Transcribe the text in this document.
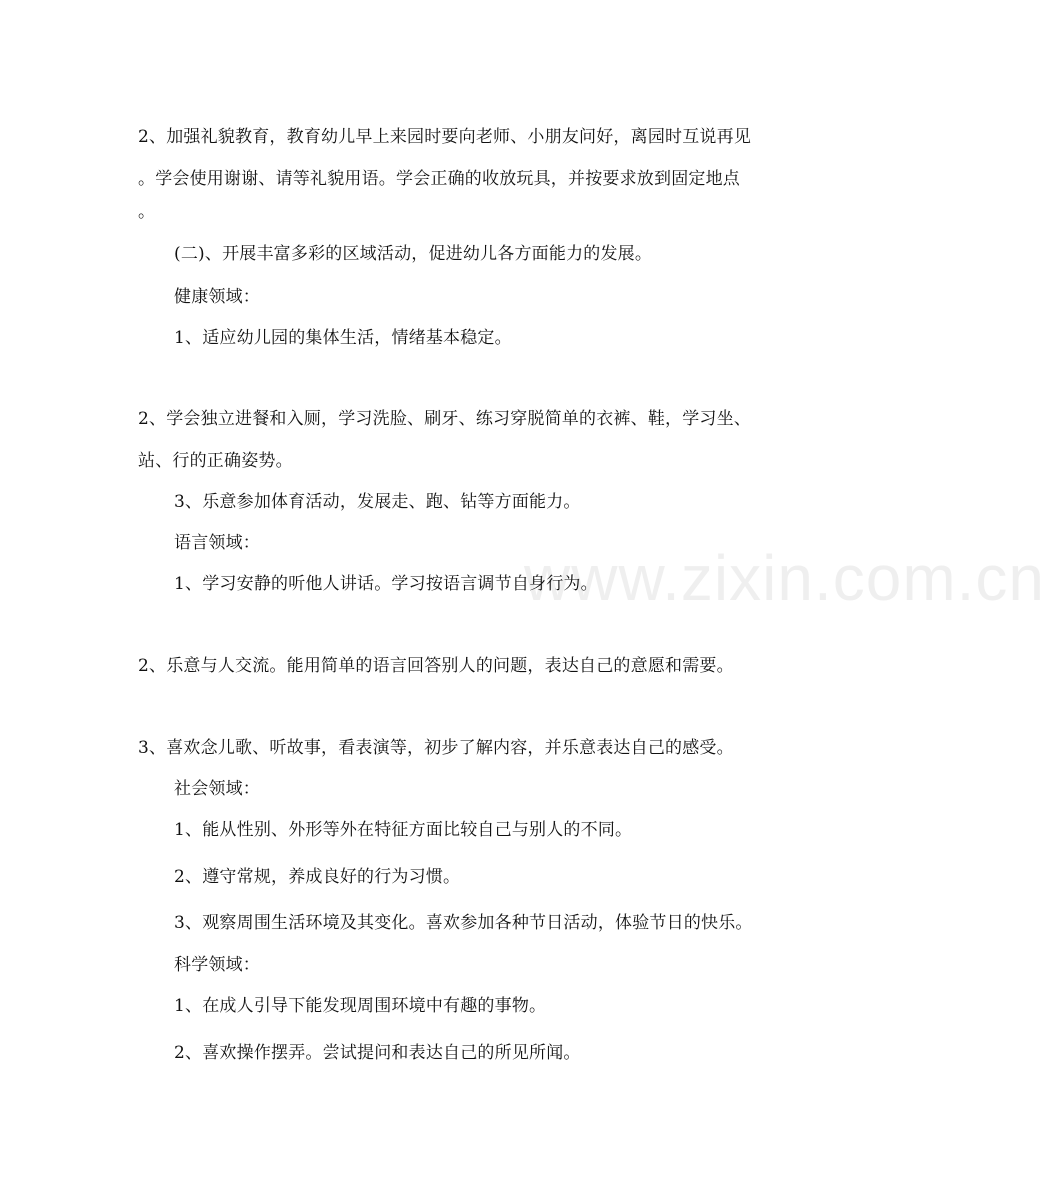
www.zixin.com.cn
2、加强礼貌教育，教育幼儿早上来园时要向老师、小朋友问好，离园时互说再见
。学会使用谢谢、请等礼貌用语。学会正确的收放玩具，并按要求放到固定地点
。
(二)、开展丰富多彩的区域活动，促进幼儿各方面能力的发展。
健康领域：
1、适应幼儿园的集体生活，情绪基本稳定。
2、学会独立进餐和入厕，学习洗脸、刷牙、练习穿脱简单的衣裤、鞋，学习坐、
站、行的正确姿势。
3、乐意参加体育活动，发展走、跑、钻等方面能力。
语言领域：
1、学习安静的听他人讲话。学习按语言调节自身行为。
2、乐意与人交流。能用简单的语言回答别人的问题，表达自己的意愿和需要。
3、喜欢念儿歌、听故事，看表演等，初步了解内容，并乐意表达自己的感受。
社会领域：
1、能从性别、外形等外在特征方面比较自己与别人的不同。
2、遵守常规，养成良好的行为习惯。
3、观察周围生活环境及其变化。喜欢参加各种节日活动，体验节日的快乐。
科学领域：
1、在成人引导下能发现周围环境中有趣的事物。
2、喜欢操作摆弄。尝试提问和表达自己的所见所闻。
